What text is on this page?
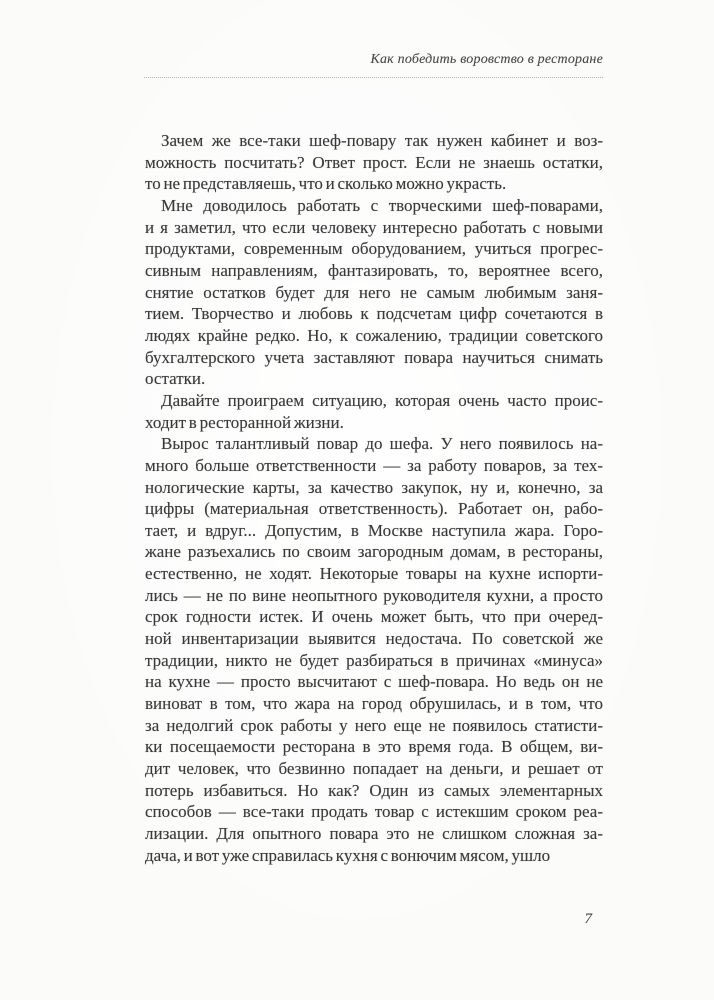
Как победить воровство в ресторане

Зачем же все-таки шеф-повару так нужен кабинет и воз-
можность посчитать? Ответ прост. Если не знаешь остатки,
то не представляешь, что и сколько можно украсть.

Мне доводилось работать с творческими шеф-поварами,
и я заметил, что если человеку интересно работать с новыми
продуктами, современным оборудованием, учиться прогрес-
сивным направлениям, фантазировать, то, вероятнее всего,
снятие остатков будет для него не самым любимым заня-
тием. Творчество и любовь к подсчетам цифр сочетаются в
людях крайне редко. Но, к сожалению, традиции советского
бухгалтерского учета заставляют повара научиться снимать
остатки.

Давайте проиграем ситуацию, которая очень часто проис-
ходит в ресторанной жизни.

Вырос талантливый повар до шефа. У него появилось на-
много больше ответственности — за работу поваров, за тех-
нологические карты, за качество закупок, ну и, конечно, за
цифры (материальная ответственность). Работает он, рабо-
тает, и вдруг... Допустим, в Москве наступила жара. Горо-
жане разъехались по своим загородным домам, в рестораны,
естественно, не ходят. Некоторые товары на кухне испорти-
лись — не по вине неопытного руководителя кухни, а просто
срок годности истек. И очень может быть, что при очеред-
ной инвентаризации выявится недостача. По советской же
традиции, никто не будет разбираться в причинах «минуса»
на кухне — просто высчитают с шеф-повара. Но ведь он не
виноват в том, что жара на город обрушилась, и в том, что
за недолгий срок работы у него еще не появилось статисти-
ки посещаемости ресторана в это время года. В общем, ви-
дит человек, что безвинно попадает на деньги, и решает от
потерь избавиться. Но как? Один из самых элементарных
способов — все-таки продать товар с истекшим сроком реа-
лизации. Для опытного повара это не слишком сложная за-
дача, и вот уже справилась кухня с вонючим мясом, ушло

7
